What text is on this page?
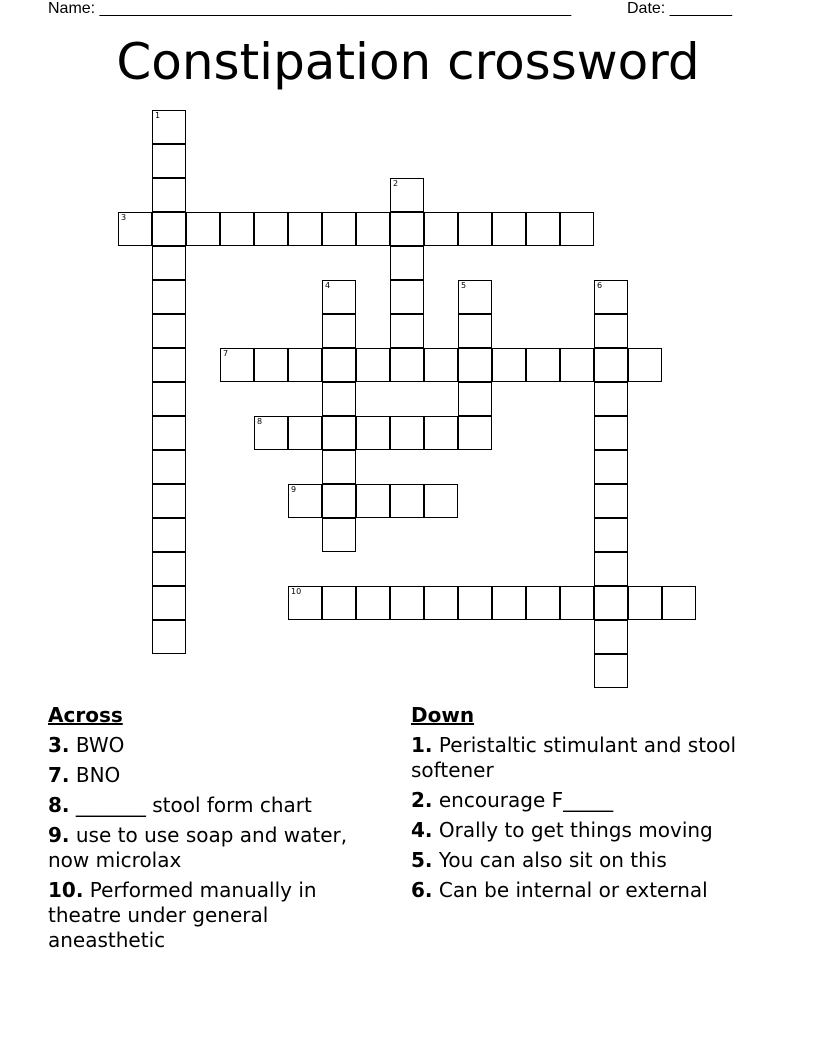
Name: _____________________________________________________	Date: _______
Constipation crossword
1
2
3
4	5	6
7
8
9
10
Across
3. BWO
7. BNO
8. _______ stool form chart
9. use to use soap and water, now microlax
10. Performed manually in theatre under general aneasthetic
Down
1. Peristaltic stimulant and stool softener
2. encourage F_____
4. Orally to get things moving
5. You can also sit on this
6. Can be internal or external
